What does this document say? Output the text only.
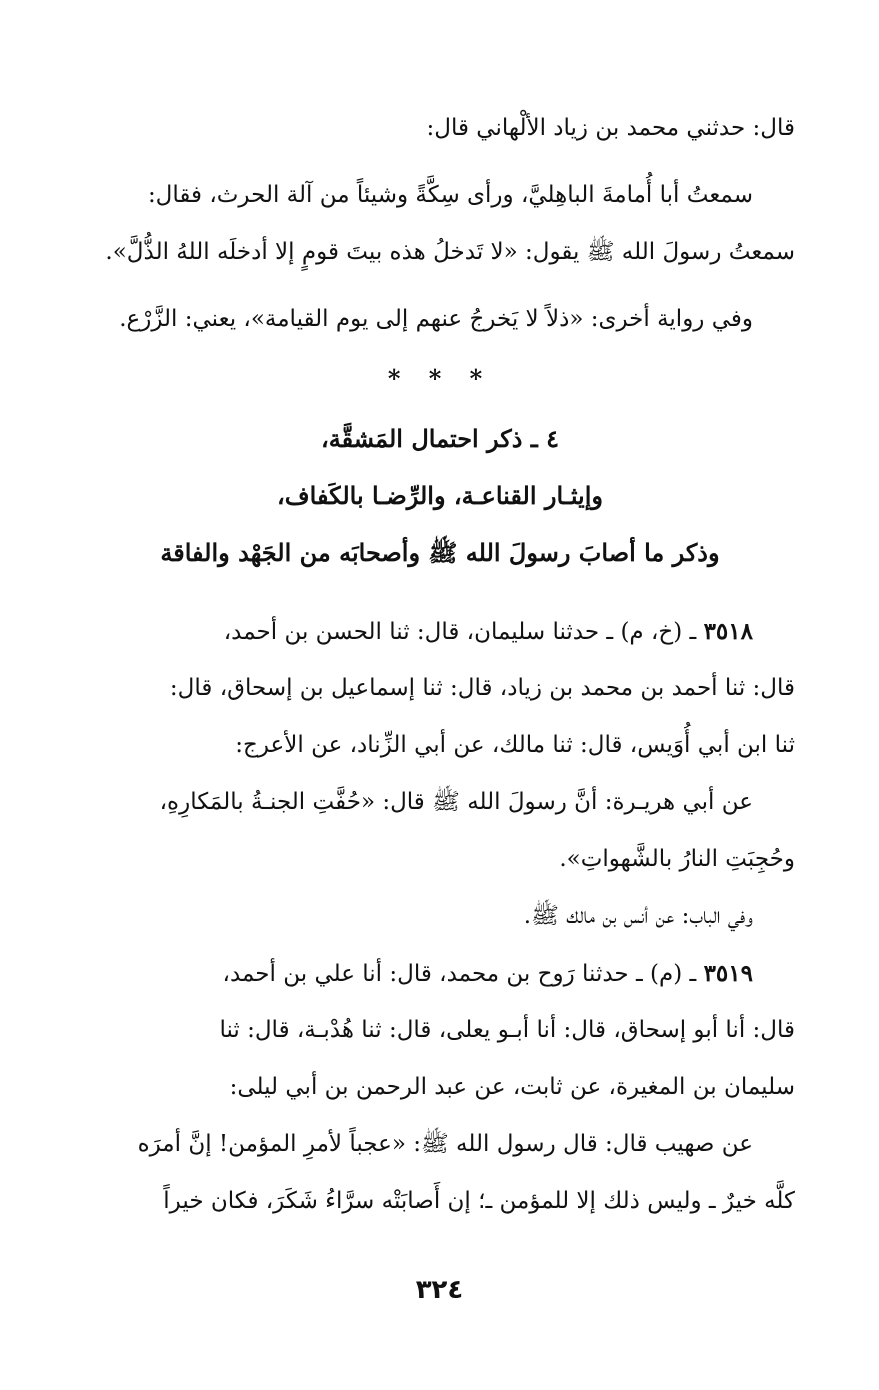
قال: حدثني محمد بن زياد الألْهاني قال:
سمعتُ أبا أُمامةَ الباهِليَّ، ورأى سِكَّةً وشيئاً من آلة الحرث، فقال:
سمعتُ رسولَ الله ﷺ يقول: «لا تَدخلُ هذه بيتَ قومٍ إلا أدخلَه اللهُ الذُّلَّ».
وفي رواية أخرى: «ذلاً لا يَخرجُ عنهم إلى يوم القيامة»، يعني: الزَّرْع.
* * *
٤ ـ ذكر احتمال المَشقَّة،
وإيثـار القناعـة، والرِّضـا بالكَفاف،
وذكر ما أصابَ رسولَ الله ﷺ وأصحابَه من الجَهْد والفاقة
٣٥١٨ ـ (خ، م) ـ حدثنا سليمان، قال: ثنا الحسن بن أحمد،
قال: ثنا أحمد بن محمد بن زياد، قال: ثنا إسماعيل بن إسحاق، قال:
ثنا ابن أبي أُوَيس، قال: ثنا مالك، عن أبي الزِّناد، عن الأعرج:
عن أبي هريـرة: أنَّ رسولَ الله ﷺ قال: «حُفَّتِ الجنـةُ بالمَكارِهِ،
وحُجِبَتِ النارُ بالشَّهواتِ».
وفي الباب: عن أنس بن مالك ﷺ.
٣٥١٩ ـ (م) ـ حدثنا رَوح بن محمد، قال: أنا علي بن أحمد،
قال: أنا أبو إسحاق، قال: أنا أبـو يعلى، قال: ثنا هُدْبـة، قال: ثنا
سليمان بن المغيرة، عن ثابت، عن عبد الرحمن بن أبي ليلى:
عن صهيب قال: قال رسول الله ﷺ: «عجباً لأمرِ المؤمن! إنَّ أمرَه
كلَّه خيرٌ ـ وليس ذلك إلا للمؤمن ـ؛ إن أَصابَتْه سرَّاءُ شَكَرَ، فكان خيراً
٣٢٤
